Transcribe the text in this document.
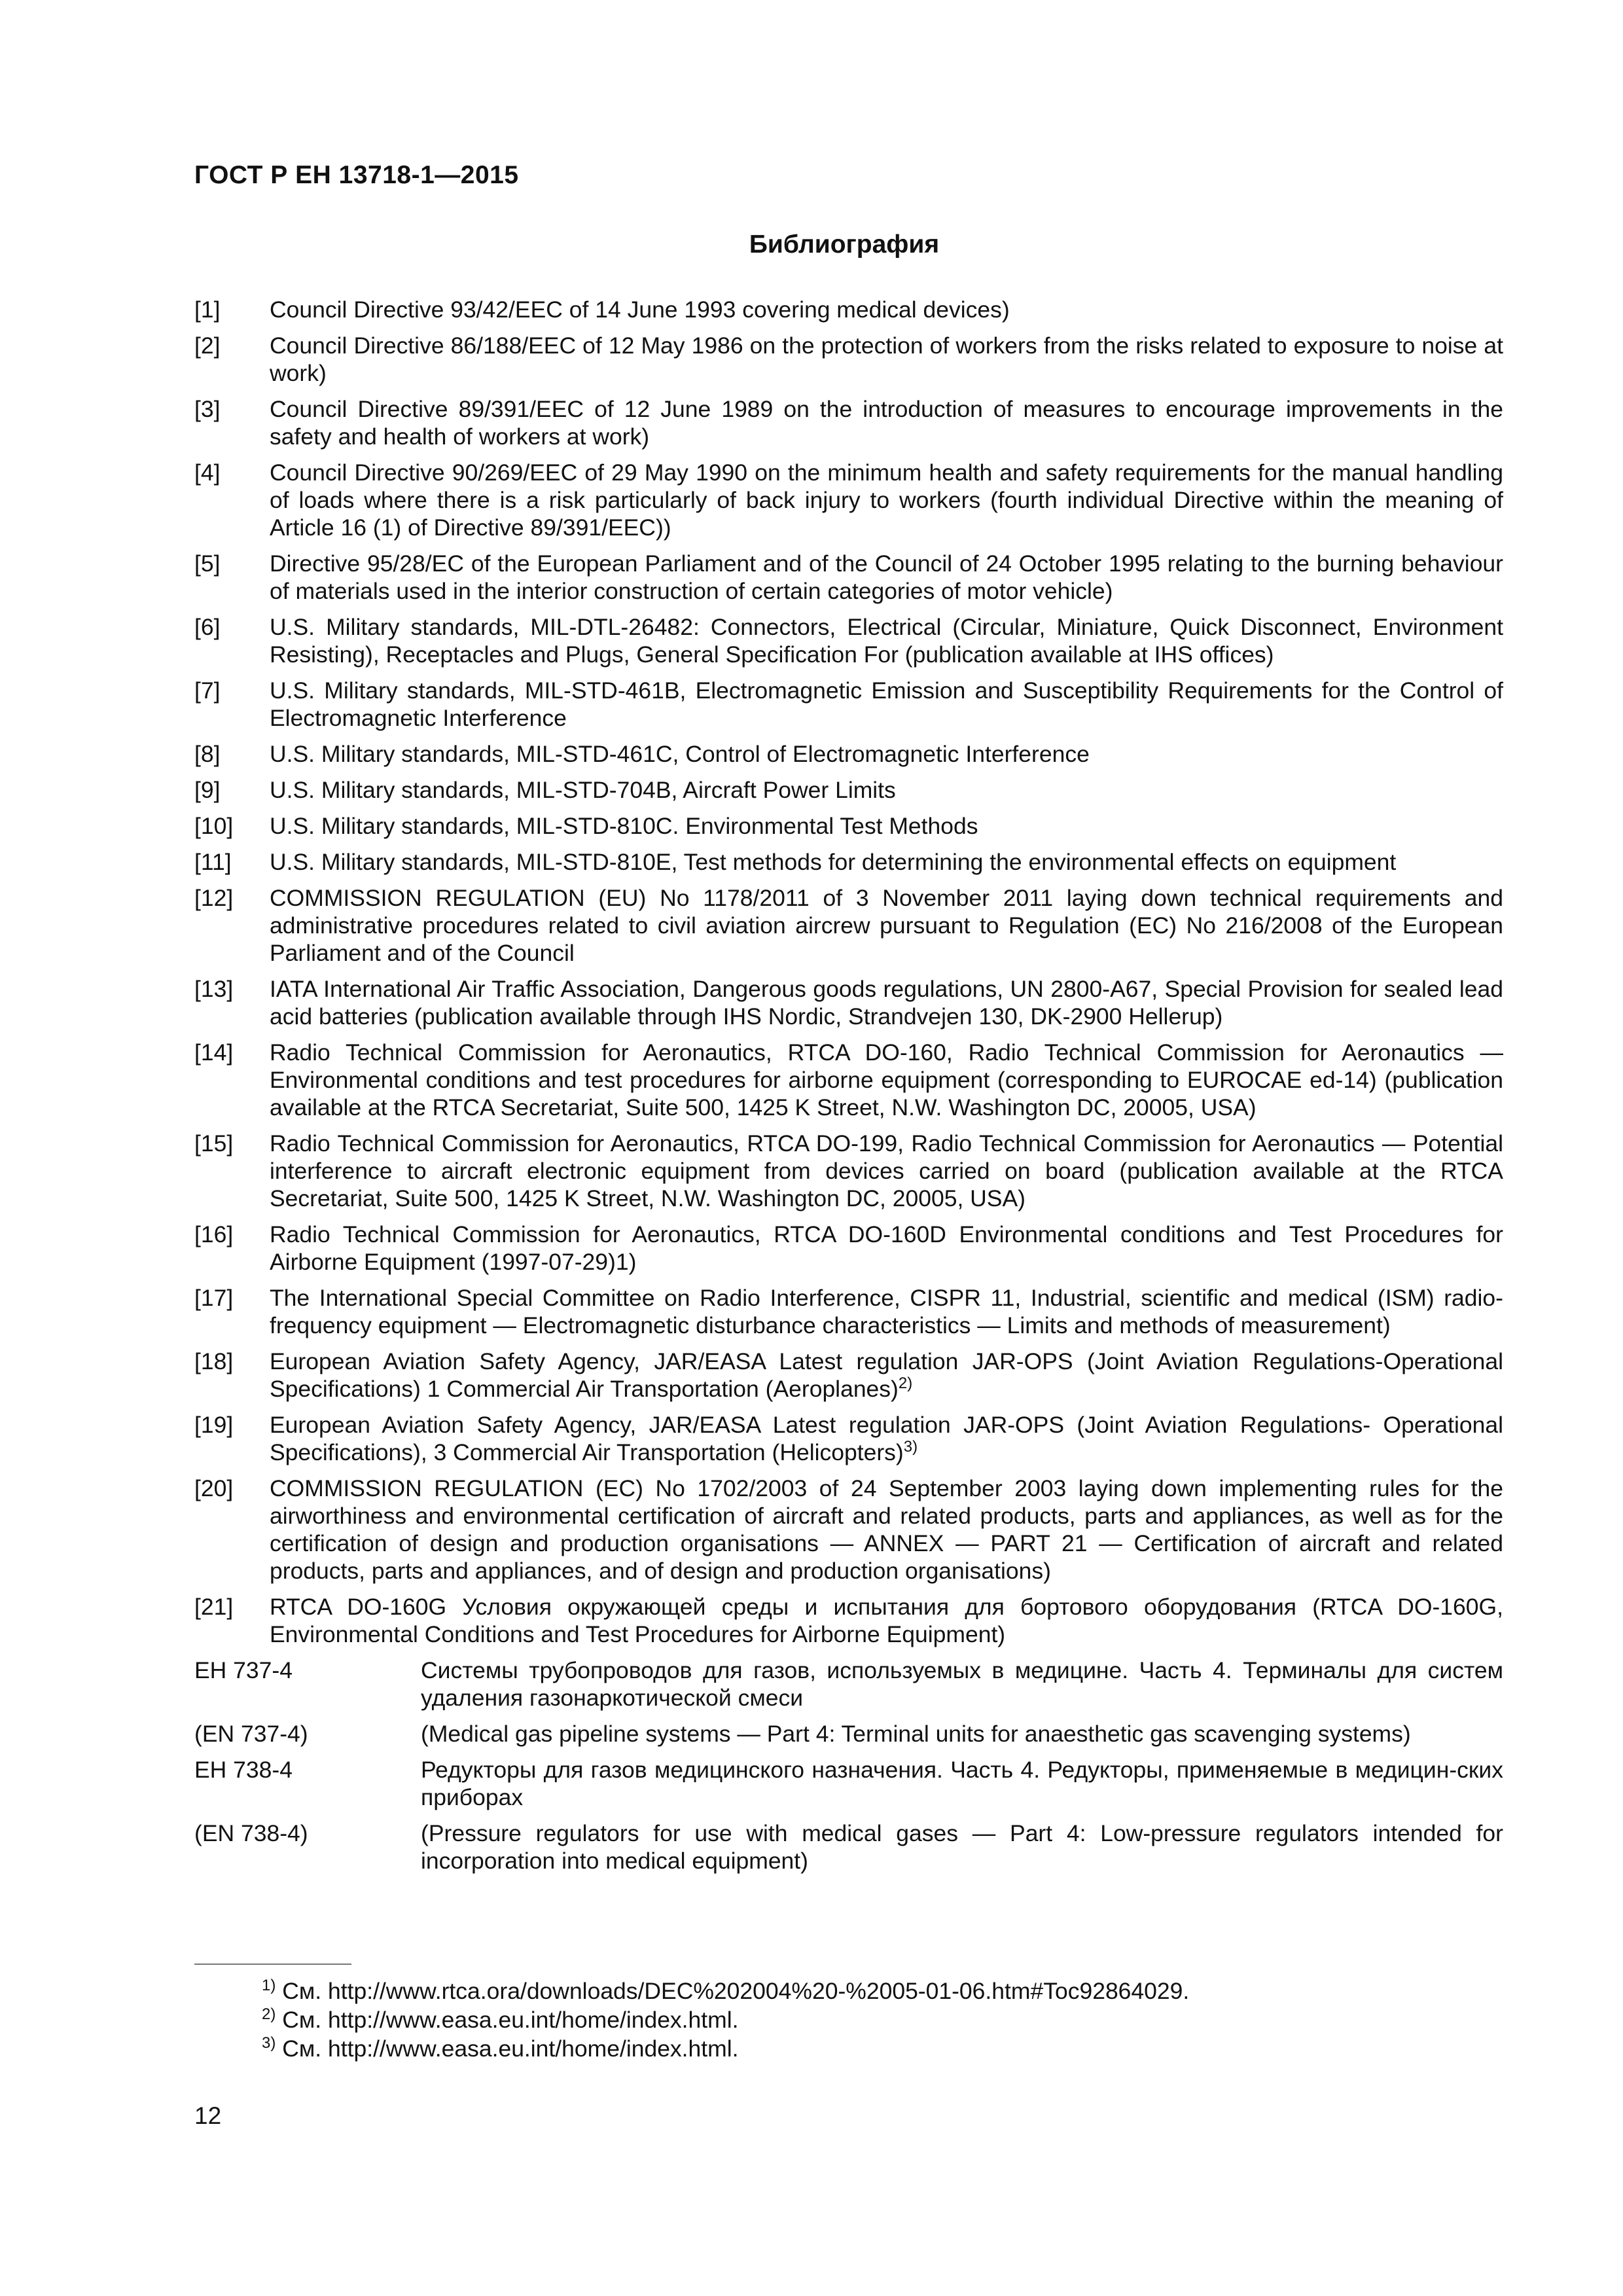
ГОСТ Р ЕН 13718-1—2015
Библиография
[1]	Council Directive 93/42/EEC of 14 June 1993 covering medical devices)
[2]	Council Directive 86/188/EEC of 12 May 1986 on the protection of workers from the risks related to exposure to noise at work)
[3]	Council Directive 89/391/EEC of 12 June 1989 on the introduction of measures to encourage improvements in the safety and health of workers at work)
[4]	Council Directive 90/269/EEC of 29 May 1990 on the minimum health and safety requirements for the manual handling of loads where there is a risk particularly of back injury to workers (fourth individual Directive within the meaning of Article 16 (1) of Directive 89/391/EEC))
[5]	Directive 95/28/EC of the European Parliament and of the Council of 24 October 1995 relating to the burning behaviour of materials used in the interior construction of certain categories of motor vehicle)
[6]	U.S. Military standards, MIL-DTL-26482: Connectors, Electrical (Circular, Miniature, Quick Disconnect, Environment Resisting), Receptacles and Plugs, General Specification For (publication available at IHS offices)
[7]	U.S. Military standards, MIL-STD-461B, Electromagnetic Emission and Susceptibility Requirements for the Control of Electromagnetic Interference
[8]	U.S. Military standards, MIL-STD-461C, Control of Electromagnetic Interference
[9]	U.S. Military standards, MIL-STD-704B, Aircraft Power Limits
[10]	U.S. Military standards, MIL-STD-810C. Environmental Test Methods
[11]	U.S. Military standards, MIL-STD-810E, Test methods for determining the environmental effects on equipment
[12]	COMMISSION REGULATION (EU) No 1178/2011 of 3 November 2011 laying down technical requirements and administrative procedures related to civil aviation aircrew pursuant to Regulation (EC) No 216/2008 of the European Parliament and of the Council
[13]	IATA International Air Traffic Association, Dangerous goods regulations, UN 2800-A67, Special Provision for sealed lead acid batteries (publication available through IHS Nordic, Strandvejen 130, DK-2900 Hellerup)
[14]	Radio Technical Commission for Aeronautics, RTCA DO-160, Radio Technical Commission for Aeronautics — Environmental conditions and test procedures for airborne equipment (corresponding to EUROCAE ed-14) (publication available at the RTCA Secretariat, Suite 500, 1425 K Street, N.W. Washington DC, 20005, USA)
[15]	Radio Technical Commission for Aeronautics, RTCA DO-199, Radio Technical Commission for Aeronautics — Potential interference to aircraft electronic equipment from devices carried on board (publication available at the RTCA Secretariat, Suite 500, 1425 K Street, N.W. Washington DC, 20005, USA)
[16]	Radio Technical Commission for Aeronautics, RTCA DO-160D Environmental conditions and Test Procedures for Airborne Equipment (1997-07-29)1)
[17]	The International Special Committee on Radio Interference, CISPR 11, Industrial, scientific and medical (ISM) radio-frequency equipment — Electromagnetic disturbance characteristics — Limits and methods of measurement)
[18]	European Aviation Safety Agency, JAR/EASA Latest regulation JAR-OPS (Joint Aviation Regulations-Operational Specifications) 1 Commercial Air Transportation (Aeroplanes)$^{2)}$
[19]	European Aviation Safety Agency, JAR/EASA Latest regulation JAR-OPS (Joint Aviation Regulations- Operational Specifications), 3 Commercial Air Transportation (Helicopters)$^{3)}$
[20]	COMMISSION REGULATION (EC) No 1702/2003 of 24 September 2003 laying down implementing rules for the airworthiness and environmental certification of aircraft and related products, parts and appliances, as well as for the certification of design and production organisations — ANNEX — PART 21 — Certification of aircraft and related products, parts and appliances, and of design and production organisations)
[21]	RTCA DO-160G Условия окружающей среды и испытания для бортового оборудования (RTCA DO-160G, Environmental Conditions and Test Procedures for Airborne Equipment)
ЕН 737-4	Системы трубопроводов для газов, используемых в медицине. Часть 4. Терминалы для систем удаления газонаркотической смеси
(EN 737-4)	(Medical gas pipeline systems — Part 4: Terminal units for anaesthetic gas scavenging systems)
ЕН 738-4	Редукторы для газов медицинского назначения. Часть 4. Редукторы, применяемые в медицин-ских приборах
(EN 738-4)	(Pressure regulators for use with medical gases — Part 4: Low-pressure regulators intended for incorporation into medical equipment)
$^{1)}$ См. http://www.rtca.ora/downloads/DEC%202004%20-%2005-01-06.htm#Toc92864029.
$^{2)}$ См. http://www.easa.eu.int/home/index.html.
$^{3)}$ См. http://www.easa.eu.int/home/index.html.
12
